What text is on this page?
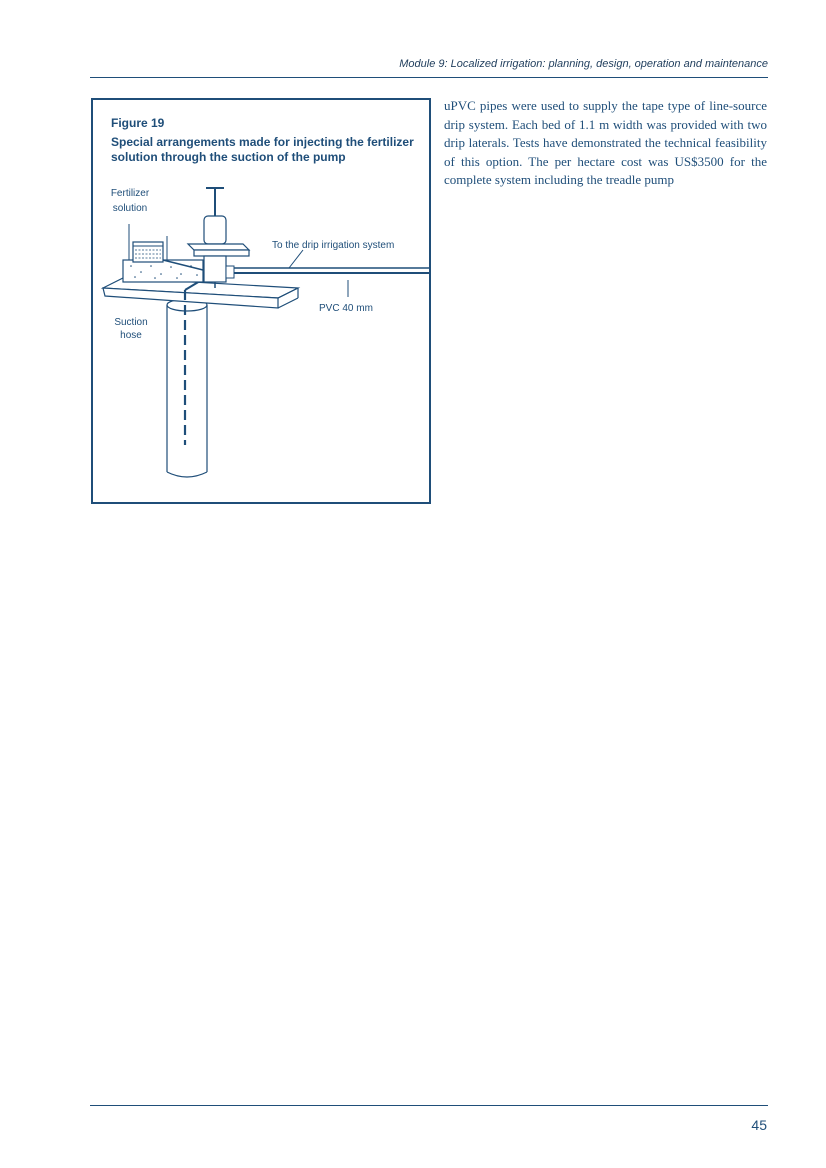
Module 9: Localized irrigation: planning, design, operation and maintenance
Fertilizer
solution
To the drip irrigation system
PVC 40 mm
Suction
hose
Figure 19
Special arrangements made for injecting the fertilizer solution through the suction of the pump

uPVC pipes were used to supply the tape type of line-source drip system. Each bed of 1.1 m width was provided with two drip laterals. Tests have demonstrated the technical feasibility of this option. The per hectare cost was US$3500 for the complete system including the treadle pump

45
